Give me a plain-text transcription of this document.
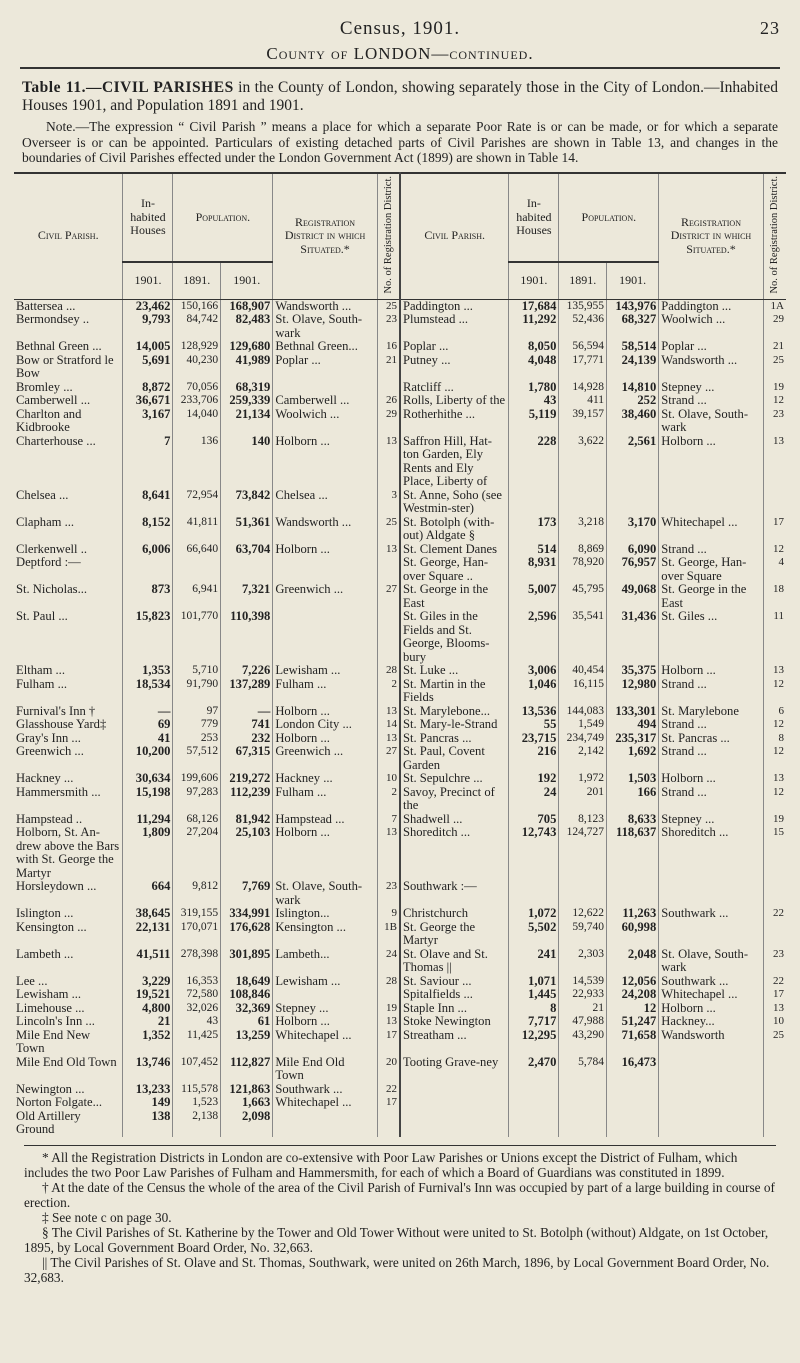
Census, 1901.	23
County of LONDON—continued.
Table 11.—CIVIL PARISHES in the County of London, showing separately those in the City of London.—Inhabited Houses 1901, and Population 1891 and 1901.
Note.—The expression “ Civil Parish ” means a place for which a separate Poor Rate is or can be made, or for which a separate Overseer is or can be appointed. Particulars of existing detached parts of Civil Parishes are shown in Table 13, and changes in the boundaries of Civil Parishes effected under the London Government Act (1899) are shown in Table 14.
Civil Parish.	In-habited Houses	Population.		Registration District in which Situated.*	No. of Registration District.	Civil Parish.	In-habited Houses	Population.		Registration District in which Situated.*	No. of Registration District.
	1901.	1891.	1901.				1901.	1891.	1901.		
Battersea ...	23,462	150,166	168,907	Wandsworth ...	25	Paddington ...	17,684	135,955	143,976	Paddington ...	1A
Bermondsey ..	9,793	84,742	82,483	St. Olave, South-wark	23	Plumstead ...	11,292	52,436	68,327	Woolwich ...	29
Bethnal Green ...	14,005	128,929	129,680	Bethnal Green...	16	Poplar ...	8,050	56,594	58,514	Poplar ...	21
Bow or Stratford le Bow	5,691	40,230	41,989	Poplar ...	21	Putney ...	4,048	17,771	24,139	Wandsworth ...	25
Bromley ...	8,872	70,056	68,319			Ratcliff ...	1,780	14,928	14,810	Stepney ...	19
Camberwell ...	36,671	233,706	259,339	Camberwell ...	26	Rolls, Liberty of the	43	411	252	Strand ...	12
Charlton and Kidbrooke	3,167	14,040	21,134	Woolwich ...	29	Rotherhithe ...	5,119	39,157	38,460	St. Olave, South-wark	23
Charterhouse ...	7	136	140	Holborn ...	13	Saffron Hill, Hat-ton Garden, Ely Rents and Ely Place, Liberty of	228	3,622	2,561	Holborn ...	13
Chelsea ...	8,641	72,954	73,842	Chelsea ...	3	St. Anne, Soho (see Westmin-ster)					
Clapham ...	8,152	41,811	51,361	Wandsworth ...	25	St. Botolph (with-out) Aldgate §	173	3,218	3,170	Whitechapel ...	17
Clerkenwell ..	6,006	66,640	63,704	Holborn ...	13	St. Clement Danes	514	8,869	6,090	Strand ...	12
Deptford :—						St. George, Han-over Square ..	8,931	78,920	76,957	St. George, Han-over Square	4
St. Nicholas...	873	6,941	7,321	Greenwich ...	27	St. George in the East	5,007	45,795	49,068	St. George in the East	18
St. Paul ...	15,823	101,770	110,398			St. Giles in the Fields and St. George, Blooms-bury	2,596	35,541	31,436	St. Giles ...	11
Eltham ...	1,353	5,710	7,226	Lewisham ...	28	St. Luke ...	3,006	40,454	35,375	Holborn ...	13
Fulham ...	18,534	91,790	137,289	Fulham ...	2	St. Martin in the Fields	1,046	16,115	12,980	Strand ...	12
Furnival's Inn †	—	97	—	Holborn ...	13	St. Marylebone...	13,536	144,083	133,301	St. Marylebone	6
Glasshouse Yard‡	69	779	741	London City ...	14	St. Mary-le-Strand	55	1,549	494	Strand ...	12
Gray's Inn ...	41	253	232	Holborn ...	13	St. Pancras ...	23,715	234,749	235,317	St. Pancras ...	8
Greenwich ...	10,200	57,512	67,315	Greenwich ...	27	St. Paul, Covent Garden	216	2,142	1,692	Strand ...	12
Hackney ...	30,634	199,606	219,272	Hackney ...	10	St. Sepulchre ...	192	1,972	1,503	Holborn ...	13
Hammersmith ...	15,198	97,283	112,239	Fulham ...	2	Savoy, Precinct of the	24	201	166	Strand ...	12
Hampstead ..	11,294	68,126	81,942	Hampstead ...	7	Shadwell ...	705	8,123	8,633	Stepney ...	19
Holborn, St. An-drew above the Bars with St. George the Martyr	1,809	27,204	25,103	Holborn ...	13	Shoreditch ...	12,743	124,727	118,637	Shoreditch ...	15
Horsleydown ...	664	9,812	7,769	St. Olave, South-wark	23	Southwark :—					
Islington ...	38,645	319,155	334,991	Islington...	9	Christchurch	1,072	12,622	11,263	Southwark ...	22
Kensington ...	22,131	170,071	176,628	Kensington ...	1B	St. George the Martyr	5,502	59,740	60,998		
Lambeth ...	41,511	278,398	301,895	Lambeth...	24	St. Olave and St. Thomas ||	241	2,303	2,048	St. Olave, South-wark	23
Lee ...	3,229	16,353	18,649	Lewisham ...	28	St. Saviour ...	1,071	14,539	12,056	Southwark ...	22
Lewisham ...	19,521	72,580	108,846			Spitalfields ...	1,445	22,933	24,208	Whitechapel ...	17
Limehouse ...	4,800	32,026	32,369	Stepney ...	19	Staple Inn ...	8	21	12	Holborn ...	13
Lincoln's Inn ...	21	43	61	Holborn ...	13	Stoke Newington	7,717	47,988	51,247	Hackney...	10
Mile End New Town	1,352	11,425	13,259	Whitechapel ...	17	Streatham ...	12,295	43,290	71,658	Wandsworth	25
Mile End Old Town	13,746	107,452	112,827	Mile End Old Town	20	Tooting Grave-ney	2,470	5,784	16,473		
Newington ...	13,233	115,578	121,863	Southwark ...	22						
Norton Folgate...	149	1,523	1,663	Whitechapel ...	17						
Old Artillery Ground	138	2,138	2,098								

* All the Registration Districts in London are co-extensive with Poor Law Parishes or Unions except the District of Fulham, which includes the two Poor Law Parishes of Fulham and Hammersmith, for each of which a Board of Guardians was constituted in 1899.

† At the date of the Census the whole of the area of the Civil Parish of Furnival's Inn was occupied by part of a large building in course of erection.

‡ See note c on page 30.

§ The Civil Parishes of St. Katherine by the Tower and Old Tower Without were united to St. Botolph (without) Aldgate, on 1st October, 1895, by Local Government Board Order, No. 32,663.

|| The Civil Parishes of St. Olave and St. Thomas, Southwark, were united on 26th March, 1896, by Local Government Board Order, No. 32,683.
